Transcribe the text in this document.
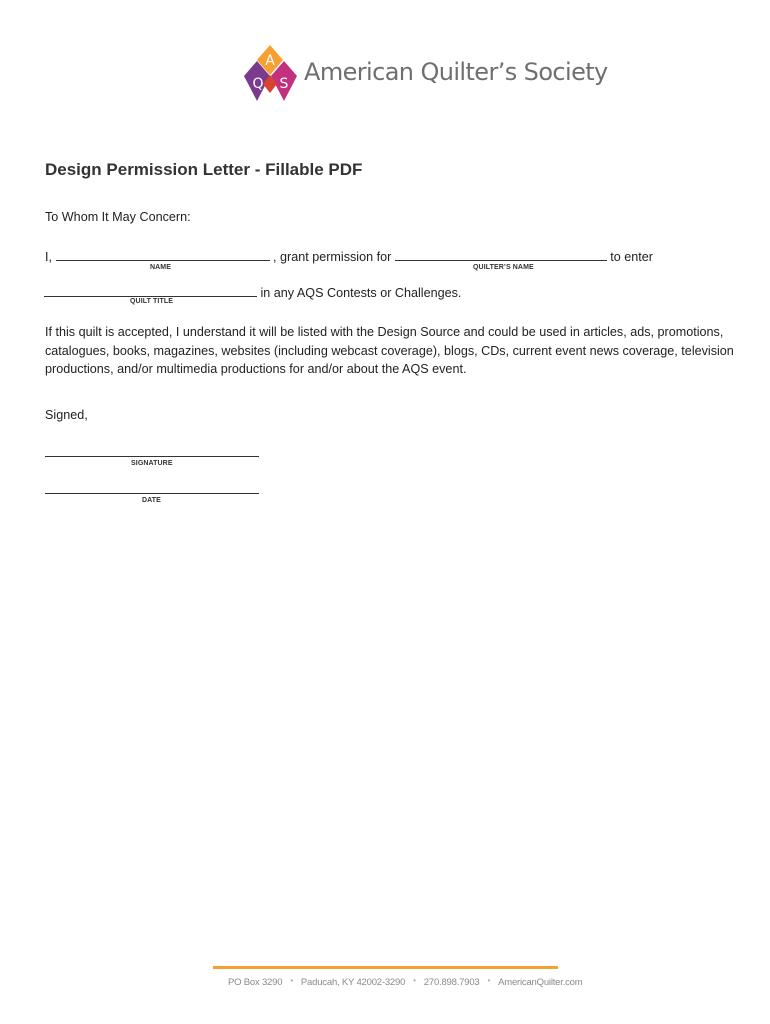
A
Q S American Quilter’s Society
Design Permission Letter - Fillable PDF
To Whom It May Concern:
I,	, grant permission for	to enter
NAME	QUILTER’S NAME
in any AQS Contests or Challenges.
QUILT TITLE
If this quilt is accepted, I understand it will be listed with the Design Source and could be used in articles, ads, promotions, catalogues, books, magazines, websites (including webcast coverage), blogs, CDs, current event news coverage, television productions, and/or multimedia productions for and/or about the AQS event.
Signed,
SIGNATURE
DATE
PO Box 3290 • Paducah, KY 42002-3290 • 270.898.7903 • AmericanQuilter.com
